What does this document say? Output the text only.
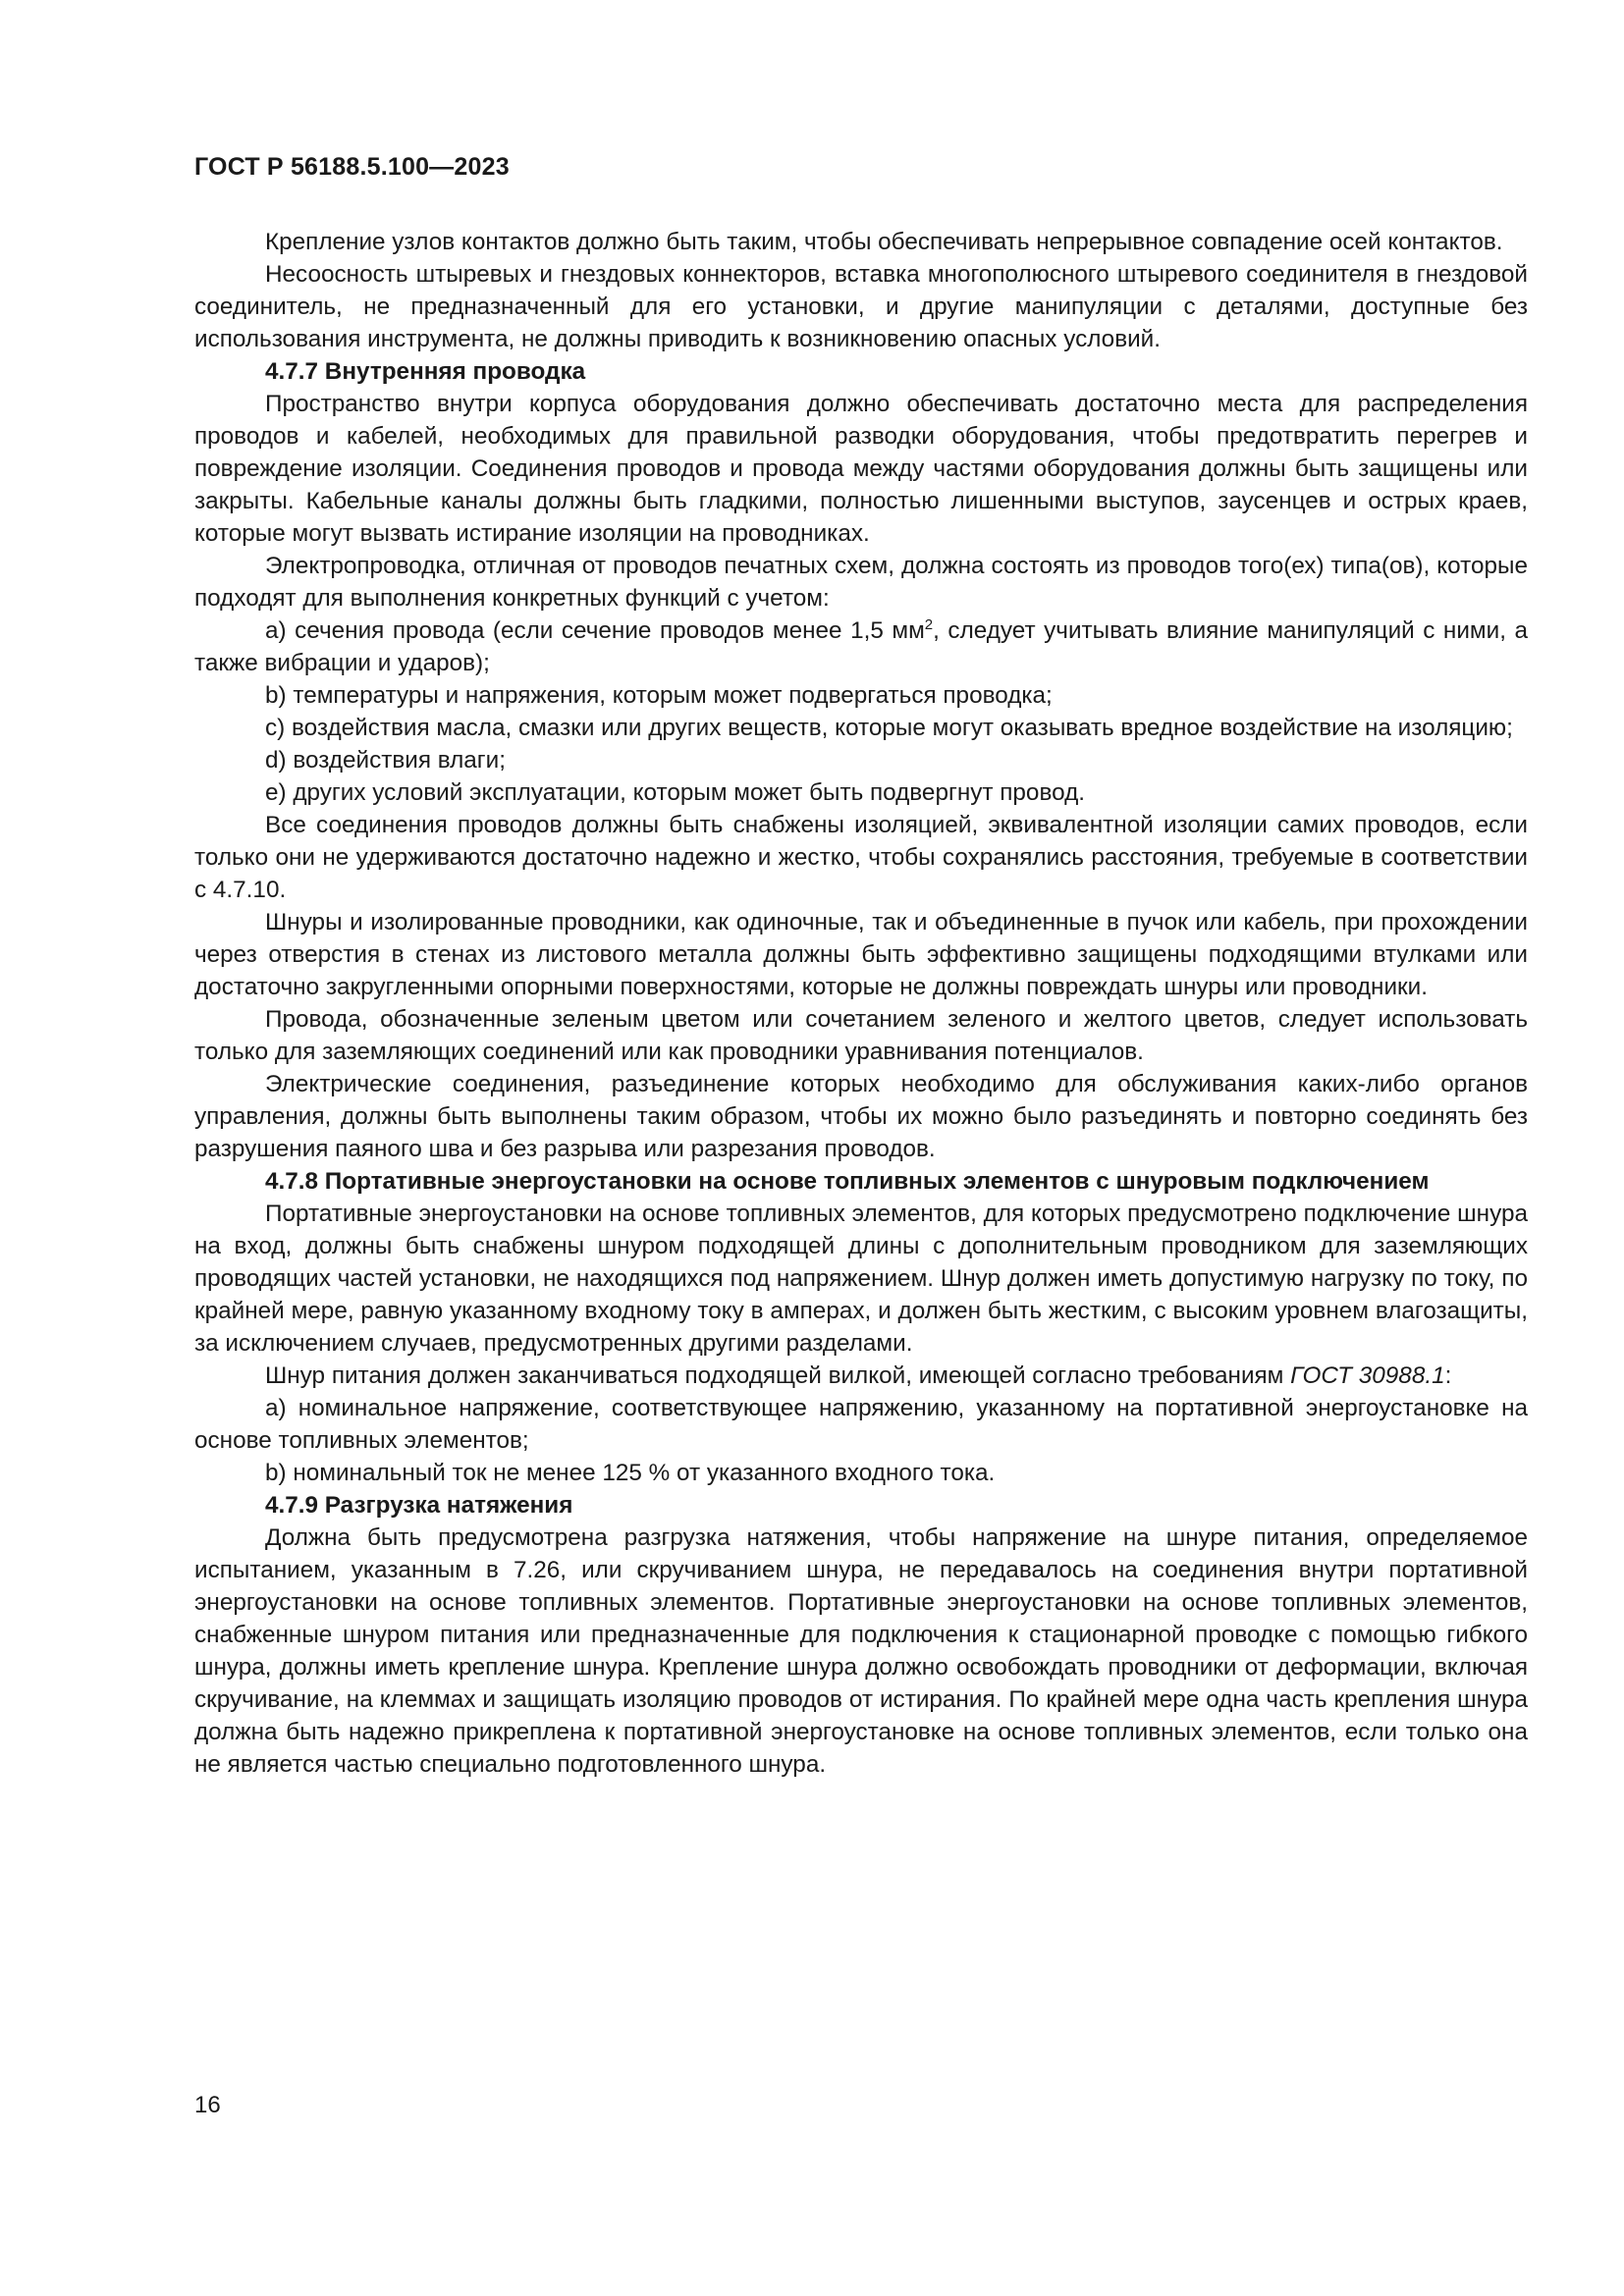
ГОСТ Р 56188.5.100—2023

Крепление узлов контактов должно быть таким, чтобы обеспечивать непрерывное совпадение осей контактов.

Несоосность штыревых и гнездовых коннекторов, вставка многополюсного штыревого соединителя в гнездовой соединитель, не предназначенный для его установки, и другие манипуляции с деталями, доступные без использования инструмента, не должны приводить к возникновению опасных условий.

4.7.7 Внутренняя проводка

Пространство внутри корпуса оборудования должно обеспечивать достаточно места для распределения проводов и кабелей, необходимых для правильной разводки оборудования, чтобы предотвратить перегрев и повреждение изоляции. Соединения проводов и провода между частями оборудования должны быть защищены или закрыты. Кабельные каналы должны быть гладкими, полностью лишенными выступов, заусенцев и острых краев, которые могут вызвать истирание изоляции на проводниках.

Электропроводка, отличная от проводов печатных схем, должна состоять из проводов того(ех) типа(ов), которые подходят для выполнения конкретных функций с учетом:

а) сечения провода (если сечение проводов менее 1,5 $мм^2$, следует учитывать влияние манипуляций с ними, а также вибрации и ударов);

b) температуры и напряжения, которым может подвергаться проводка;

c) воздействия масла, смазки или других веществ, которые могут оказывать вредное воздействие на изоляцию;

d) воздействия влаги;

e) других условий эксплуатации, которым может быть подвергнут провод.

Все соединения проводов должны быть снабжены изоляцией, эквивалентной изоляции самих проводов, если только они не удерживаются достаточно надежно и жестко, чтобы сохранялись расстояния, требуемые в соответствии с 4.7.10.

Шнуры и изолированные проводники, как одиночные, так и объединенные в пучок или кабель, при прохождении через отверстия в стенах из листового металла должны быть эффективно защищены подходящими втулками или достаточно закругленными опорными поверхностями, которые не должны повреждать шнуры или проводники.

Провода, обозначенные зеленым цветом или сочетанием зеленого и желтого цветов, следует использовать только для заземляющих соединений или как проводники уравнивания потенциалов.

Электрические соединения, разъединение которых необходимо для обслуживания каких-либо органов управления, должны быть выполнены таким образом, чтобы их можно было разъединять и повторно соединять без разрушения паяного шва и без разрыва или разрезания проводов.

4.7.8 Портативные энергоустановки на основе топливных элементов с шнуровым подключением

Портативные энергоустановки на основе топливных элементов, для которых предусмотрено подключение шнура на вход, должны быть снабжены шнуром подходящей длины с дополнительным проводником для заземляющих проводящих частей установки, не находящихся под напряжением. Шнур должен иметь допустимую нагрузку по току, по крайней мере, равную указанному входному току в амперах, и должен быть жестким, с высоким уровнем влагозащиты, за исключением случаев, предусмотренных другими разделами.

Шнур питания должен заканчиваться подходящей вилкой, имеющей согласно требованиям ГОСТ 30988.1:

а) номинальное напряжение, соответствующее напряжению, указанному на портативной энергоустановке на основе топливных элементов;

b) номинальный ток не менее 125 % от указанного входного тока.

4.7.9 Разгрузка натяжения

Должна быть предусмотрена разгрузка натяжения, чтобы напряжение на шнуре питания, определяемое испытанием, указанным в 7.26, или скручиванием шнура, не передавалось на соединения внутри портативной энергоустановки на основе топливных элементов. Портативные энергоустановки на основе топливных элементов, снабженные шнуром питания или предназначенные для подключения к стационарной проводке с помощью гибкого шнура, должны иметь крепление шнура. Крепление шнура должно освобождать проводники от деформации, включая скручивание, на клеммах и защищать изоляцию проводов от истирания. По крайней мере одна часть крепления шнура должна быть надежно прикреплена к портативной энергоустановке на основе топливных элементов, если только она не является частью специально подготовленного шнура.

16
